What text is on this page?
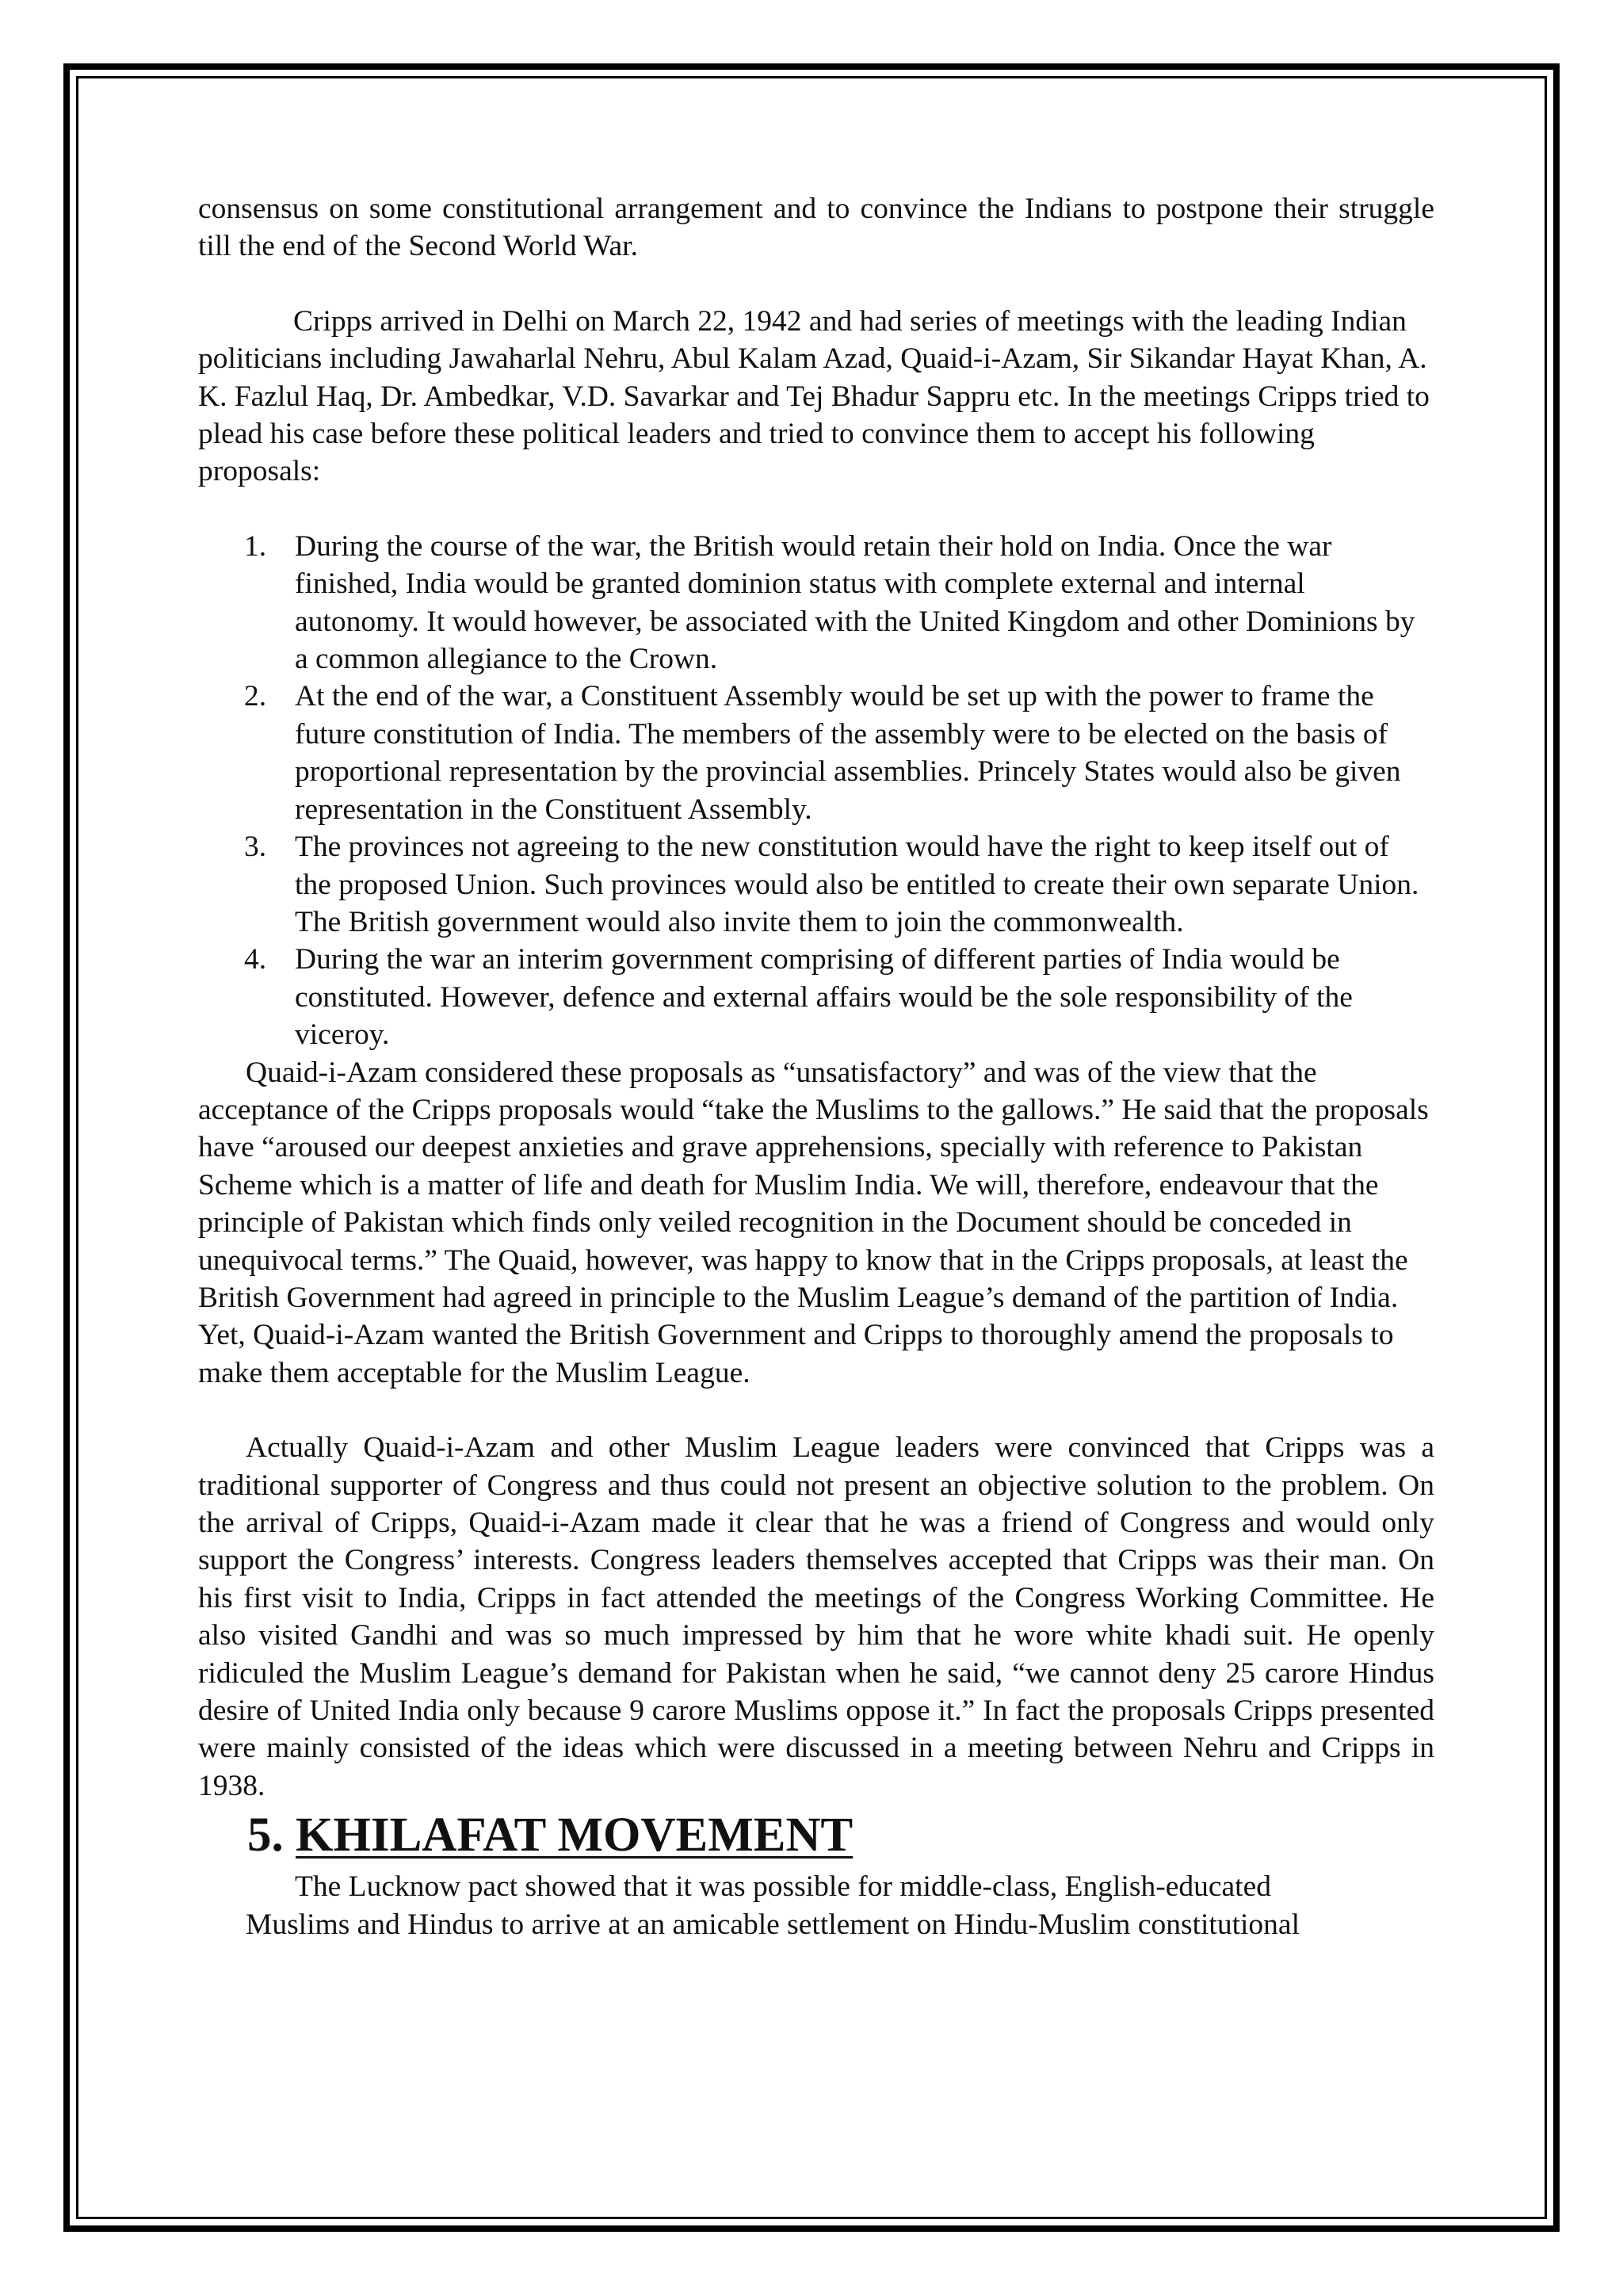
consensus on some constitutional arrangement and to convince the Indians to postpone their struggle till the end of the Second World War.

Cripps arrived in Delhi on March 22, 1942 and had series of meetings with the leading Indian politicians including Jawaharlal Nehru, Abul Kalam Azad, Quaid-i-Azam, Sir Sikandar Hayat Khan, A. K. Fazlul Haq, Dr. Ambedkar, V.D. Savarkar and Tej Bhadur Sappru etc. In the meetings Cripps tried to plead his case before these political leaders and tried to convince them to accept his following proposals:

1. During the course of the war, the British would retain their hold on India. Once the war finished, India would be granted dominion status with complete external and internal autonomy. It would however, be associated with the United Kingdom and other Dominions by a common allegiance to the Crown.
2. At the end of the war, a Constituent Assembly would be set up with the power to frame the future constitution of India. The members of the assembly were to be elected on the basis of proportional representation by the provincial assemblies. Princely States would also be given representation in the Constituent Assembly.
3. The provinces not agreeing to the new constitution would have the right to keep itself out of the proposed Union. Such provinces would also be entitled to create their own separate Union. The British government would also invite them to join the commonwealth.
4. During the war an interim government comprising of different parties of India would be constituted. However, defence and external affairs would be the sole responsibility of the viceroy.

Quaid-i-Azam considered these proposals as “unsatisfactory” and was of the view that the acceptance of the Cripps proposals would “take the Muslims to the gallows.” He said that the proposals have “aroused our deepest anxieties and grave apprehensions, specially with reference to Pakistan Scheme which is a matter of life and death for Muslim India. We will, therefore, endeavour that the principle of Pakistan which finds only veiled recognition in the Document should be conceded in unequivocal terms.” The Quaid, however, was happy to know that in the Cripps proposals, at least the British Government had agreed in principle to the Muslim League’s demand of the partition of India. Yet, Quaid-i-Azam wanted the British Government and Cripps to thoroughly amend the proposals to make them acceptable for the Muslim League.

Actually Quaid-i-Azam and other Muslim League leaders were convinced that Cripps was a traditional supporter of Congress and thus could not present an objective solution to the problem. On the arrival of Cripps, Quaid-i-Azam made it clear that he was a friend of Congress and would only support the Congress’ interests. Congress leaders themselves accepted that Cripps was their man. On his first visit to India, Cripps in fact attended the meetings of the Congress Working Committee. He also visited Gandhi and was so much impressed by him that he wore white khadi suit. He openly ridiculed the Muslim League’s demand for Pakistan when he said, “we cannot deny 25 carore Hindus desire of United India only because 9 carore Muslims oppose it.” In fact the proposals Cripps presented were mainly consisted of the ideas which were discussed in a meeting between Nehru and Cripps in 1938.

5. KHILAFAT MOVEMENT

The Lucknow pact showed that it was possible for middle-class, English-educated
Muslims and Hindus to arrive at an amicable settlement on Hindu-Muslim constitutional
